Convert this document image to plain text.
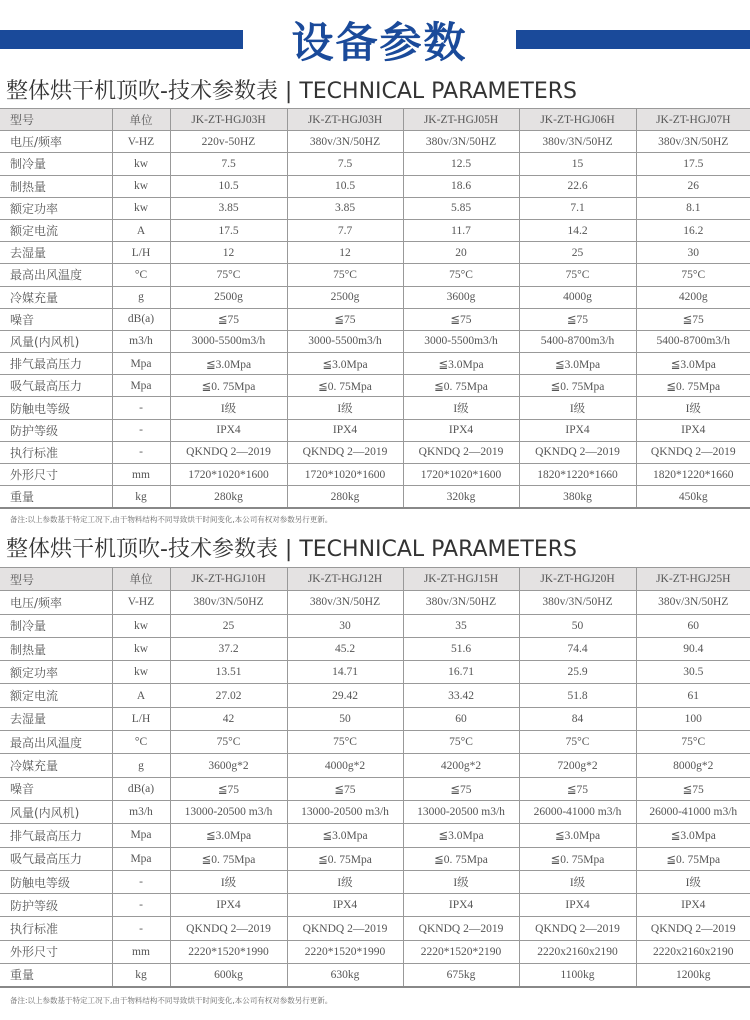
设备参数
整体烘干机顶吹-技术参数表 | TECHNICAL PARAMETERS
型号	单位	JK-ZT-HGJ03H	JK-ZT-HGJ03H	JK-ZT-HGJ05H	JK-ZT-HGJ06H	JK-ZT-HGJ07H
电压/频率	V-HZ	220v-50HZ	380v/3N/50HZ	380v/3N/50HZ	380v/3N/50HZ	380v/3N/50HZ
制冷量	kw	7.5	7.5	12.5	15	17.5
制热量	kw	10.5	10.5	18.6	22.6	26
额定功率	kw	3.85	3.85	5.85	7.1	8.1
额定电流	A	17.5	7.7	11.7	14.2	16.2
去湿量	L/H	12	12	20	25	30
最高出风温度	°C	75°C	75°C	75°C	75°C	75°C
冷媒充量	g	2500g	2500g	3600g	4000g	4200g
噪音	dB(a)	≦75	≦75	≦75	≦75	≦75
风量(内风机)	m3/h	3000-5500m3/h	3000-5500m3/h	3000-5500m3/h	5400-8700m3/h	5400-8700m3/h
排气最高压力	Mpa	≦3.0Mpa	≦3.0Mpa	≦3.0Mpa	≦3.0Mpa	≦3.0Mpa
吸气最高压力	Mpa	≦0. 75Mpa	≦0. 75Mpa	≦0. 75Mpa	≦0. 75Mpa	≦0. 75Mpa
防触电等级	-	I级	I级	I级	I级	I级
防护等级	-	IPX4	IPX4	IPX4	IPX4	IPX4
执行标准	-	QKNDQ 2—2019	QKNDQ 2—2019	QKNDQ 2—2019	QKNDQ 2—2019	QKNDQ 2—2019
外形尺寸	mm	1720*1020*1600	1720*1020*1600	1720*1020*1600	1820*1220*1660	1820*1220*1660
重量	kg	280kg	280kg	320kg	380kg	450kg
备注:以上参数基于特定工况下,由于物料结构不同导致烘干时间变化,本公司有权对参数另行更新。
整体烘干机顶吹-技术参数表 | TECHNICAL PARAMETERS
型号	单位	JK-ZT-HGJ10H	JK-ZT-HGJ12H	JK-ZT-HGJ15H	JK-ZT-HGJ20H	JK-ZT-HGJ25H
电压/频率	V-HZ	380v/3N/50HZ	380v/3N/50HZ	380v/3N/50HZ	380v/3N/50HZ	380v/3N/50HZ
制冷量	kw	25	30	35	50	60
制热量	kw	37.2	45.2	51.6	74.4	90.4
额定功率	kw	13.51	14.71	16.71	25.9	30.5
额定电流	A	27.02	29.42	33.42	51.8	61
去湿量	L/H	42	50	60	84	100
最高出风温度	°C	75°C	75°C	75°C	75°C	75°C
冷媒充量	g	3600g*2	4000g*2	4200g*2	7200g*2	8000g*2
噪音	dB(a)	≦75	≦75	≦75	≦75	≦75
风量(内风机)	m3/h	13000-20500 m3/h	13000-20500 m3/h	13000-20500 m3/h	26000-41000 m3/h	26000-41000 m3/h
排气最高压力	Mpa	≦3.0Mpa	≦3.0Mpa	≦3.0Mpa	≦3.0Mpa	≦3.0Mpa
吸气最高压力	Mpa	≦0. 75Mpa	≦0. 75Mpa	≦0. 75Mpa	≦0. 75Mpa	≦0. 75Mpa
防触电等级	-	I级	I级	I级	I级	I级
防护等级	-	IPX4	IPX4	IPX4	IPX4	IPX4
执行标准	-	QKNDQ 2—2019	QKNDQ 2—2019	QKNDQ 2—2019	QKNDQ 2—2019	QKNDQ 2—2019
外形尺寸	mm	2220*1520*1990	2220*1520*1990	2220*1520*2190	2220x2160x2190	2220x2160x2190
重量	kg	600kg	630kg	675kg	1100kg	1200kg
备注:以上参数基于特定工况下,由于物料结构不同导致烘干时间变化,本公司有权对参数另行更新。
